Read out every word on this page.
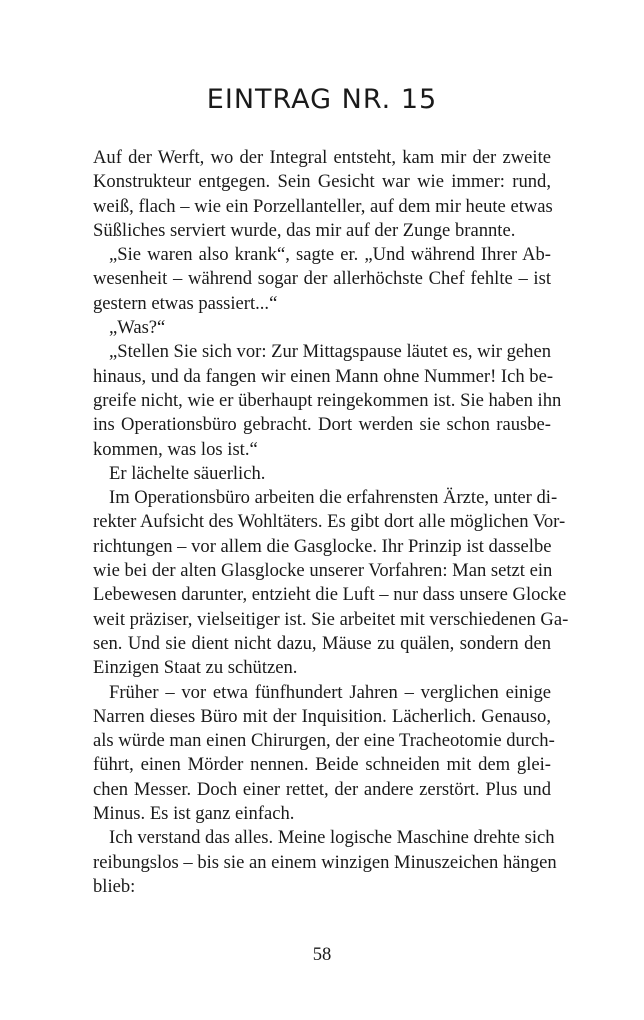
EINTRAG NR. 15
Auf der Werft, wo der Integral entsteht, kam mir der zweite
Konstrukteur entgegen. Sein Gesicht war wie immer: rund,
weiß, flach – wie ein Porzellanteller, auf dem mir heute etwas
Süßliches serviert wurde, das mir auf der Zunge brannte.
„Sie waren also krank“, sagte er. „Und während Ihrer Ab-
wesenheit – während sogar der allerhöchste Chef fehlte – ist
gestern etwas passiert...“
„Was?“
„Stellen Sie sich vor: Zur Mittagspause läutet es, wir gehen
hinaus, und da fangen wir einen Mann ohne Nummer! Ich be-
greife nicht, wie er überhaupt reingekommen ist. Sie haben ihn
ins Operationsbüro gebracht. Dort werden sie schon rausbe-
kommen, was los ist.“
Er lächelte säuerlich.
Im Operationsbüro arbeiten die erfahrensten Ärzte, unter di-
rekter Aufsicht des Wohltäters. Es gibt dort alle möglichen Vor-
richtungen – vor allem die Gasglocke. Ihr Prinzip ist dasselbe
wie bei der alten Glasglocke unserer Vorfahren: Man setzt ein
Lebewesen darunter, entzieht die Luft – nur dass unsere Glocke
weit präziser, vielseitiger ist. Sie arbeitet mit verschiedenen Ga-
sen. Und sie dient nicht dazu, Mäuse zu quälen, sondern den
Einzigen Staat zu schützen.
Früher – vor etwa fünfhundert Jahren – verglichen einige
Narren dieses Büro mit der Inquisition. Lächerlich. Genauso,
als würde man einen Chirurgen, der eine Tracheotomie durch-
führt, einen Mörder nennen. Beide schneiden mit dem glei-
chen Messer. Doch einer rettet, der andere zerstört. Plus und
Minus. Es ist ganz einfach.
Ich verstand das alles. Meine logische Maschine drehte sich
reibungslos – bis sie an einem winzigen Minuszeichen hängen
blieb:

58
